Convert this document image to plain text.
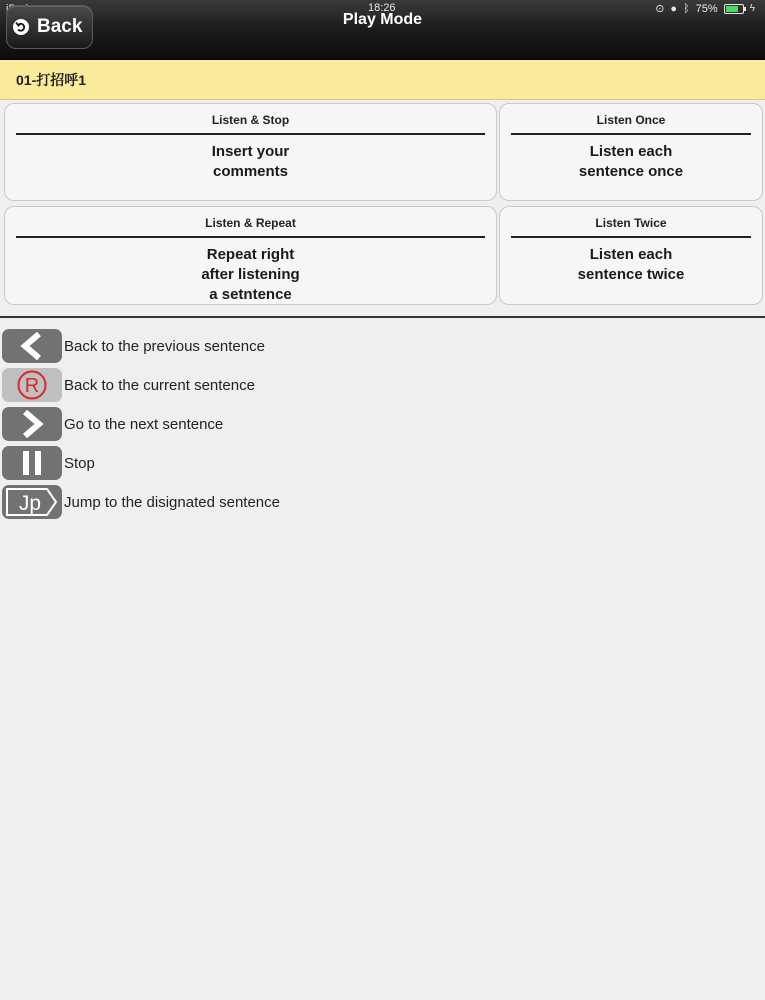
18:26	⊙ ● ᛒ 75%	ϟ
Back	Play Mode
01-打招呼1
Listen & Stop
Insert your
comments
Listen Once
Listen each
sentence once
Listen & Repeat
Repeat right
after listening
a setntence
Listen Twice
Listen each
sentence twice
Back to the previous sentence
R Back to the current sentence
Go to the next sentence
Stop
Jp Jump to the disignated sentence
